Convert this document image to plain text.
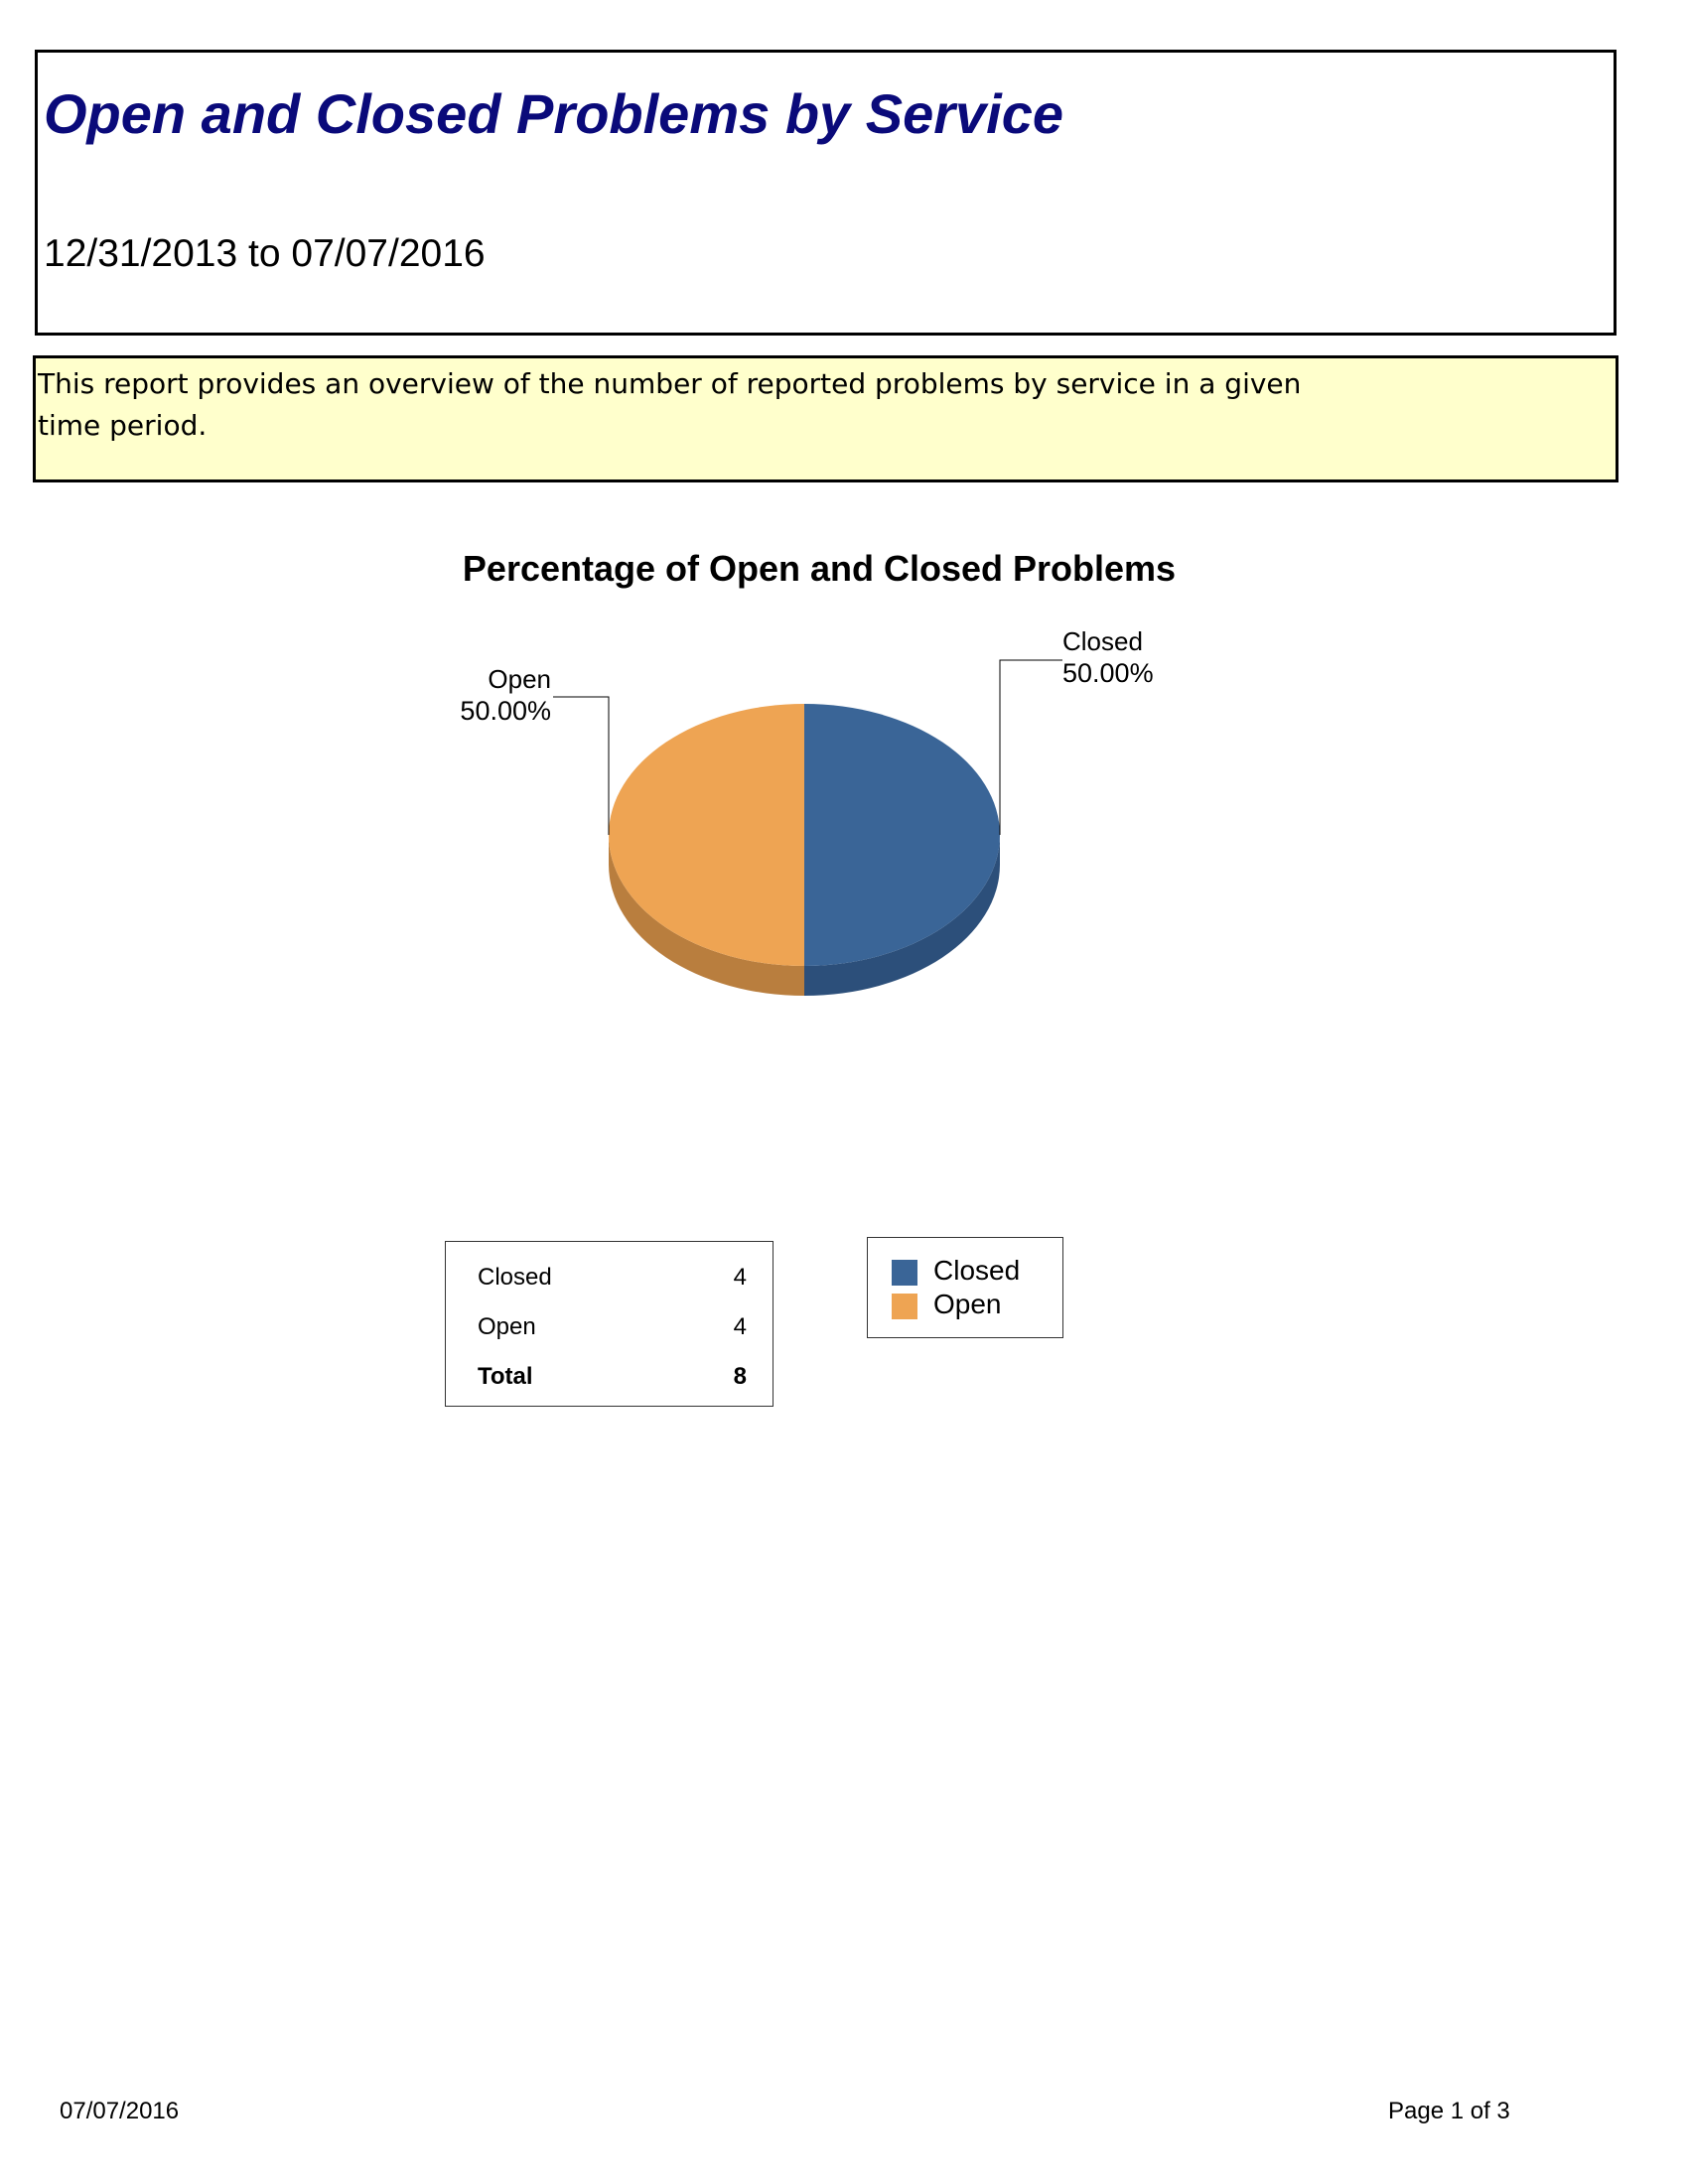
Open and Closed Problems by Service
12/31/2013 to 07/07/2016
This report provides an overview of the number of reported problems by service in a given time period.
Percentage of Open and Closed Problems
Closed
50.00%
Open
50.00%
Closed	4
Open	4
Total	8
Closed
Open
07/07/2016	Page 1 of 3
